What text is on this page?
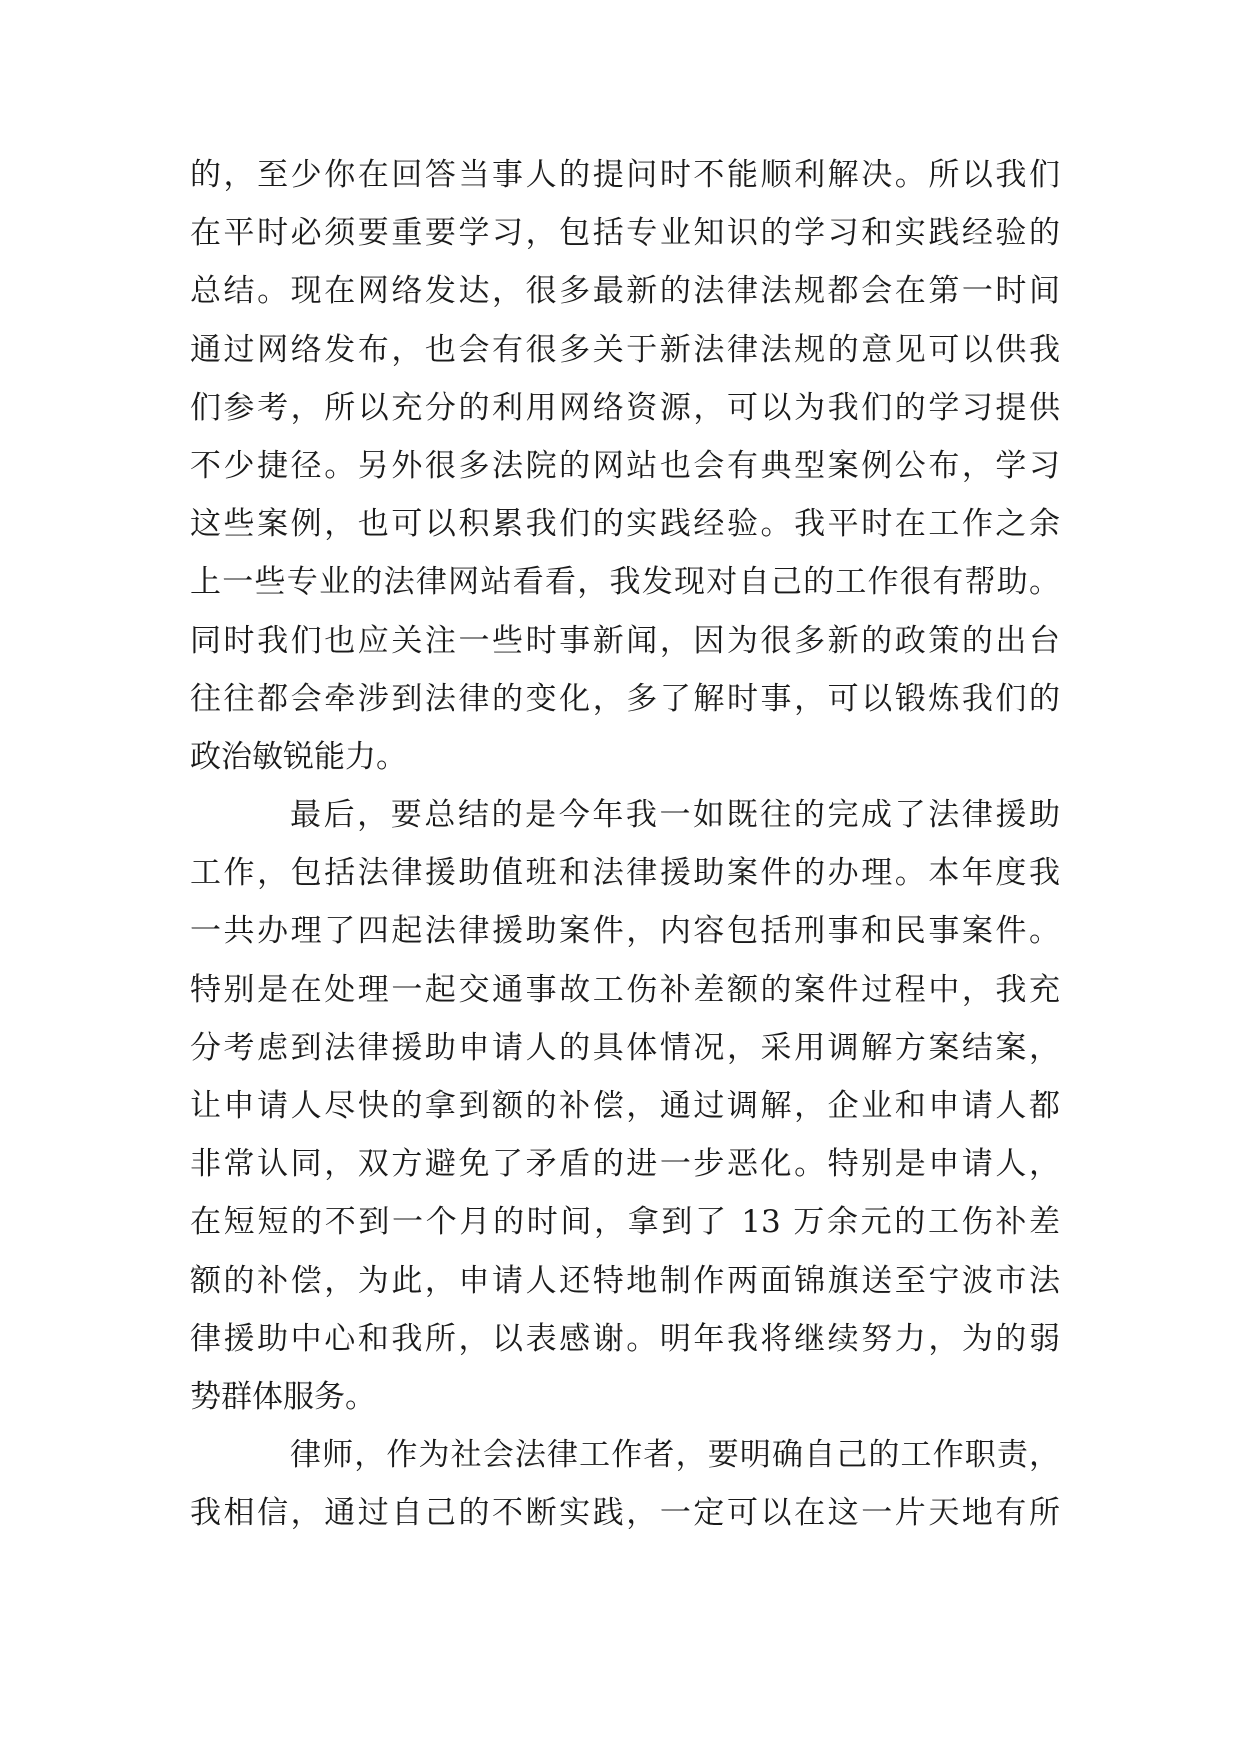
的，至少你在回答当事人的提问时不能顺利解决。所以我们
在平时必须要重要学习，包括专业知识的学习和实践经验的
总结。现在网络发达，很多最新的法律法规都会在第一时间
通过网络发布，也会有很多关于新法律法规的意见可以供我
们参考，所以充分的利用网络资源，可以为我们的学习提供
不少捷径。另外很多法院的网站也会有典型案例公布，学习
这些案例，也可以积累我们的实践经验。我平时在工作之余
上一些专业的法律网站看看，我发现对自己的工作很有帮助。
同时我们也应关注一些时事新闻，因为很多新的政策的出台
往往都会牵涉到法律的变化，多了解时事，可以锻炼我们的
政治敏锐能力。
最后，要总结的是今年我一如既往的完成了法律援助
工作，包括法律援助值班和法律援助案件的办理。本年度我
一共办理了四起法律援助案件，内容包括刑事和民事案件。
特别是在处理一起交通事故工伤补差额的案件过程中，我充
分考虑到法律援助申请人的具体情况，采用调解方案结案，
让申请人尽快的拿到额的补偿，通过调解，企业和申请人都
非常认同，双方避免了矛盾的进一步恶化。特别是申请人，
在短短的不到一个月的时间，拿到了 13 万余元的工伤补差
额的补偿，为此，申请人还特地制作两面锦旗送至宁波市法
律援助中心和我所，以表感谢。明年我将继续努力，为的弱
势群体服务。
律师，作为社会法律工作者，要明确自己的工作职责，
我相信，通过自己的不断实践，一定可以在这一片天地有所
